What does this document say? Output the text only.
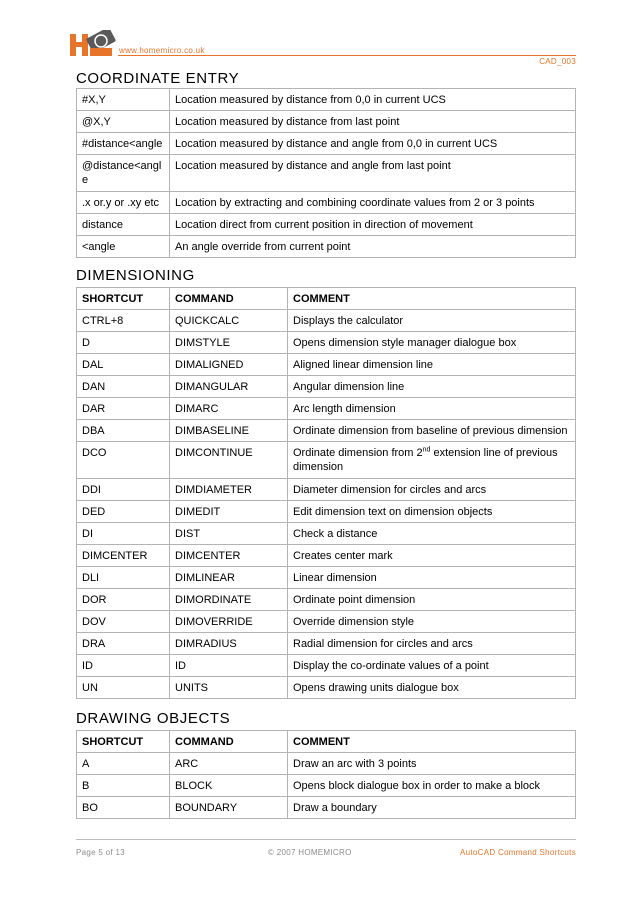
www.homemicro.co.uk
CAD_003
COORDINATE ENTRY
#X,Y	Location measured by distance from 0,0 in current UCS
@X,Y	Location measured by distance from last point
#distance<angle	Location measured by distance and angle from 0,0 in current UCS
@distance<angle	Location measured by distance and angle from last point
.x or.y or .xy etc	Location by extracting and combining coordinate values from 2 or 3 points
distance	Location direct from current position in direction of movement
<angle	An angle override from current point
DIMENSIONING
SHORTCUT	COMMAND	COMMENT
CTRL+8	QUICKCALC	Displays the calculator
D	DIMSTYLE	Opens dimension style manager dialogue box
DAL	DIMALIGNED	Aligned linear dimension line
DAN	DIMANGULAR	Angular dimension line
DAR	DIMARC	Arc length dimension
DBA	DIMBASELINE	Ordinate dimension from baseline of previous dimension
DCO	DIMCONTINUE	Ordinate dimension from 2nd extension line of previous dimension
DDI	DIMDIAMETER	Diameter dimension for circles and arcs
DED	DIMEDIT	Edit dimension text on dimension objects
DI	DIST	Check a distance
DIMCENTER	DIMCENTER	Creates center mark
DLI	DIMLINEAR	Linear dimension
DOR	DIMORDINATE	Ordinate point dimension
DOV	DIMOVERRIDE	Override dimension style
DRA	DIMRADIUS	Radial dimension for circles and arcs
ID	ID	Display the co-ordinate values of a point
UN	UNITS	Opens drawing units dialogue box
DRAWING OBJECTS
SHORTCUT	COMMAND	COMMENT
A	ARC	Draw an arc with 3 points
B	BLOCK	Opens block dialogue box in order to make a block
BO	BOUNDARY	Draw a boundary
Page 5 of 13	© 2007 HOMEMICRO	AutoCAD Command Shortcuts
